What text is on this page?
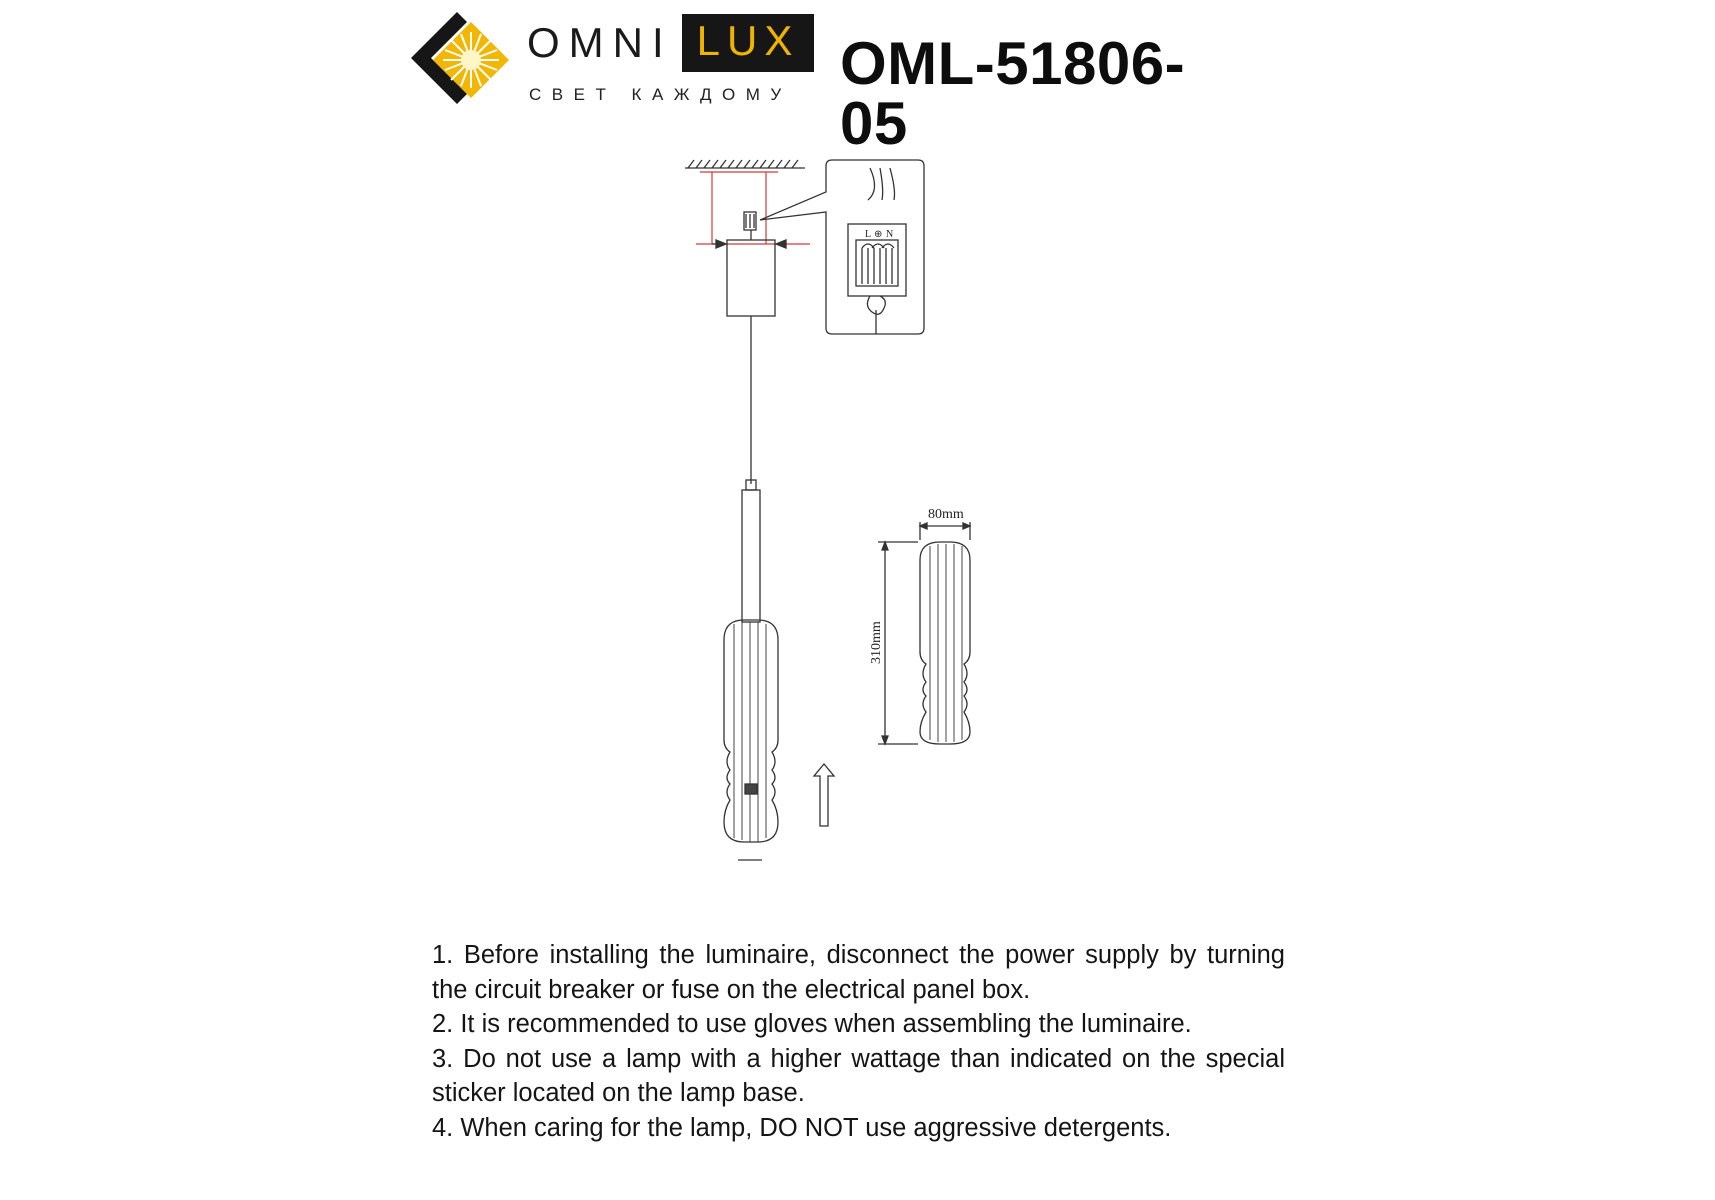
OMNI LUX
СВЕТ КАЖДОМУ OML-51806-05
L ⊕ N
80mm
310mm

1. Before installing the luminaire, disconnect the power supply by turning the circuit breaker or fuse on the electrical panel box.

2. It is recommended to use gloves when assembling the luminaire.

3. Do not use a lamp with a higher wattage than indicated on the special sticker located on the lamp base.

4. When caring for the lamp, DO NOT use aggressive detergents.
